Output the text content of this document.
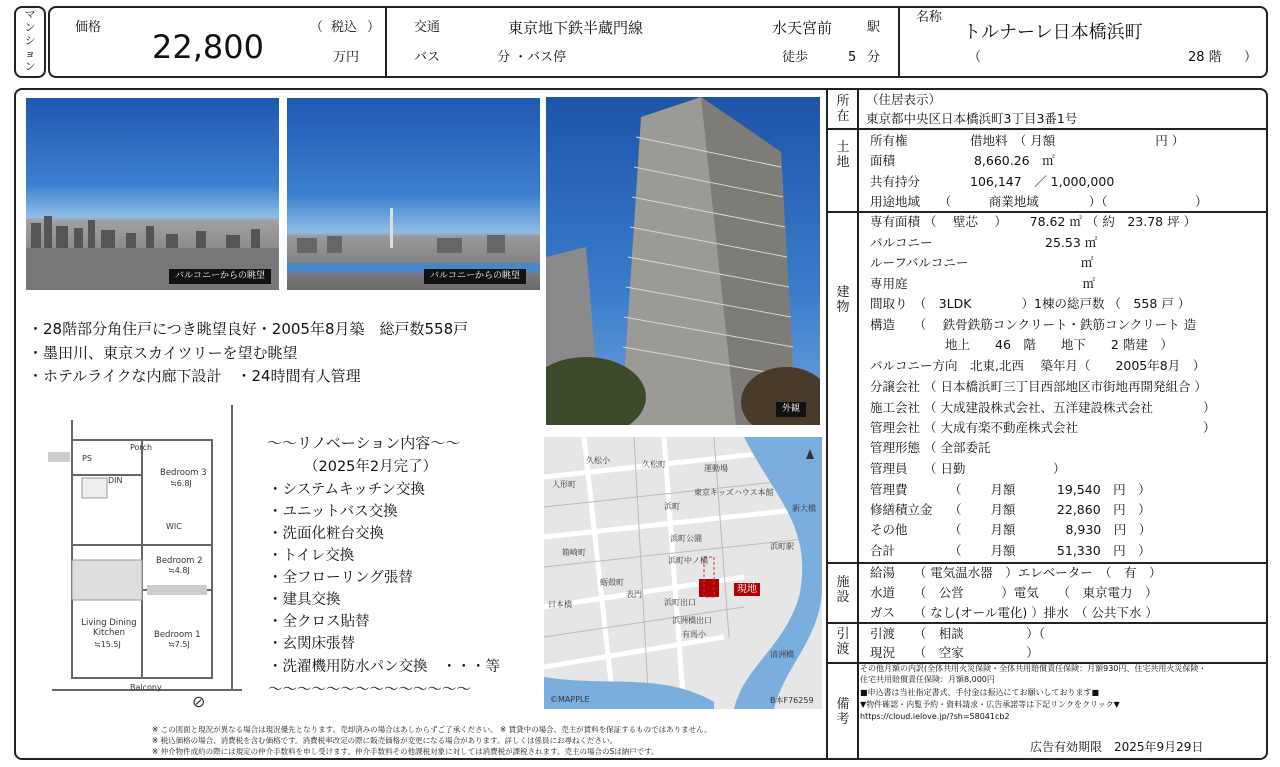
マンション
価格
22,800
（ 税込 ）
万円
交通	東京地下鉄半蔵門線	水天宮前	駅
バス	分 ・バス停	徒歩	5 分
名称
トルナーレ日本橋浜町
（	28 階 ）
バルコニーからの眺望	バルコニーからの眺望
外観
・28階部分角住戸につき眺望良好・2005年8月築　総戸数558戸
・墨田川、東京スカイツリーを望む眺望
・ホテルライクな内廊下設計　・24時間有人管理
Porch
PS
Bedroom 3
≒6.8J
DIN
WIC
Bedroom 2
≒4.8J
Bedroom 1
≒7.5J
Living Dining Kitchen
≒15.5J
Balcony
⊘
～～リノベーション内容～～
（2025年2月完了）
・システムキッチン交換
・ユニットバス交換
・洗面化粧台交換
・トイレ交換
・全フローリング張替
・建具交換
・全クロス貼替
・玄関床張替
・洗濯機用防水パン交換　・・・等
～～～～～～～～～～～～～～
久松小	久松町
人形町
運動場
浜町
箱崎町
日本橋
蛎殻町
浜町公園
浜町中ノ橋
新大橋
浜町駅
東京キッズハウス本館
有馬小
清洲橋
浜町出口
浜洲橋出口
表門	現地
©MAPPLE	B本F76259
※ この図面と現況が異なる場合は現況優先となります。売却済みの場合はあしからずご了承ください。 ※ 賃貸中の場合、売主が賃料を保証するものではありません。
※ 税込価格の場合、消費税を含む価格です。消費税率改定の際に販売価格が変更になる場合があります。詳しくは係員にお尋ねください。
※ 仲介物件成約の際には規定の仲介手数料を申し受けます。仲介手数料その他課税対象に対しては消費税が課税されます。売主の場合のSは納戸です。
所在
（住居表示）
東京都中央区日本橋浜町3丁目3番1号
土地
所有権　　　　　借地料　（ 月額　　　　　　　　円 ）
面積　　　　　　 8,660.26　㎡
共有持分　　　　106,147　／ 1,000,000
用途地域　　（　　　商業地域　　　　）（　　　　　　　）
建物
専有面積 （　 壁芯　 ）　　 78.62 ㎡ （ 約　23.78 坪 ）
バルコニー　　　　　　　　　25.53 ㎡
ルーフバルコニー　　　　　　　　　㎡
専用庭　　　　　　　　　　　　　　㎡
間取り　（　3LDK　　　　）1棟の総戸数 （　558 戸 ）
構造　　（　 鉄骨鉄筋コンクリート・鉄筋コンクリート 造
　　　　　　地上　　46　階　　地下　　2 階建　）
バルコニー方向　北東,北西　 築年月（　　2005年8月　）
分譲会社 （ 日本橋浜町三丁目西部地区市街地再開発組合 ）
施工会社 （ 大成建設株式会社、五洋建設株式会社　　　　）
管理会社 （ 大成有楽不動産株式会社　　　　　　　　　　）
管理形態 （ 全部委託
管理員　 （ 日勤　　　　　　　）
管理費　　　 （　　 月額　　　 19,540　円　）
修繕積立金　 （　　 月額　　　 22,860　円　）
その他　　　 （　　 月額　　　　8,930　円　）
合計　　　　 （　　 月額　　　 51,330　円　）
施設
給湯　　（ 電気温水器　）エレベーター　（　有　）
水道　　（　公営　　　）電気　　（　東京電力　）
ガス　　（ なし(オール電化) ）排水　（ 公共下水 ）
引渡
引渡　　（　相談　　　　　）（
現況　　（　空家　　　　　）
備考
その他月額の内訳(全体共用火災保険・全体共用賠償責任保険：月額930円、住宅共用火災保険・
住宅共用賠償責任保険：月額8,000円
■申込書は当社指定書式、手付金は振込にてお願いしております■
▼物件確認・内覧予約・資料請求・広告承諾等は下記リンクをクリック▼
https://cloud.ielove.jp/?sh=58041cb2
広告有効期限　2025年9月29日
